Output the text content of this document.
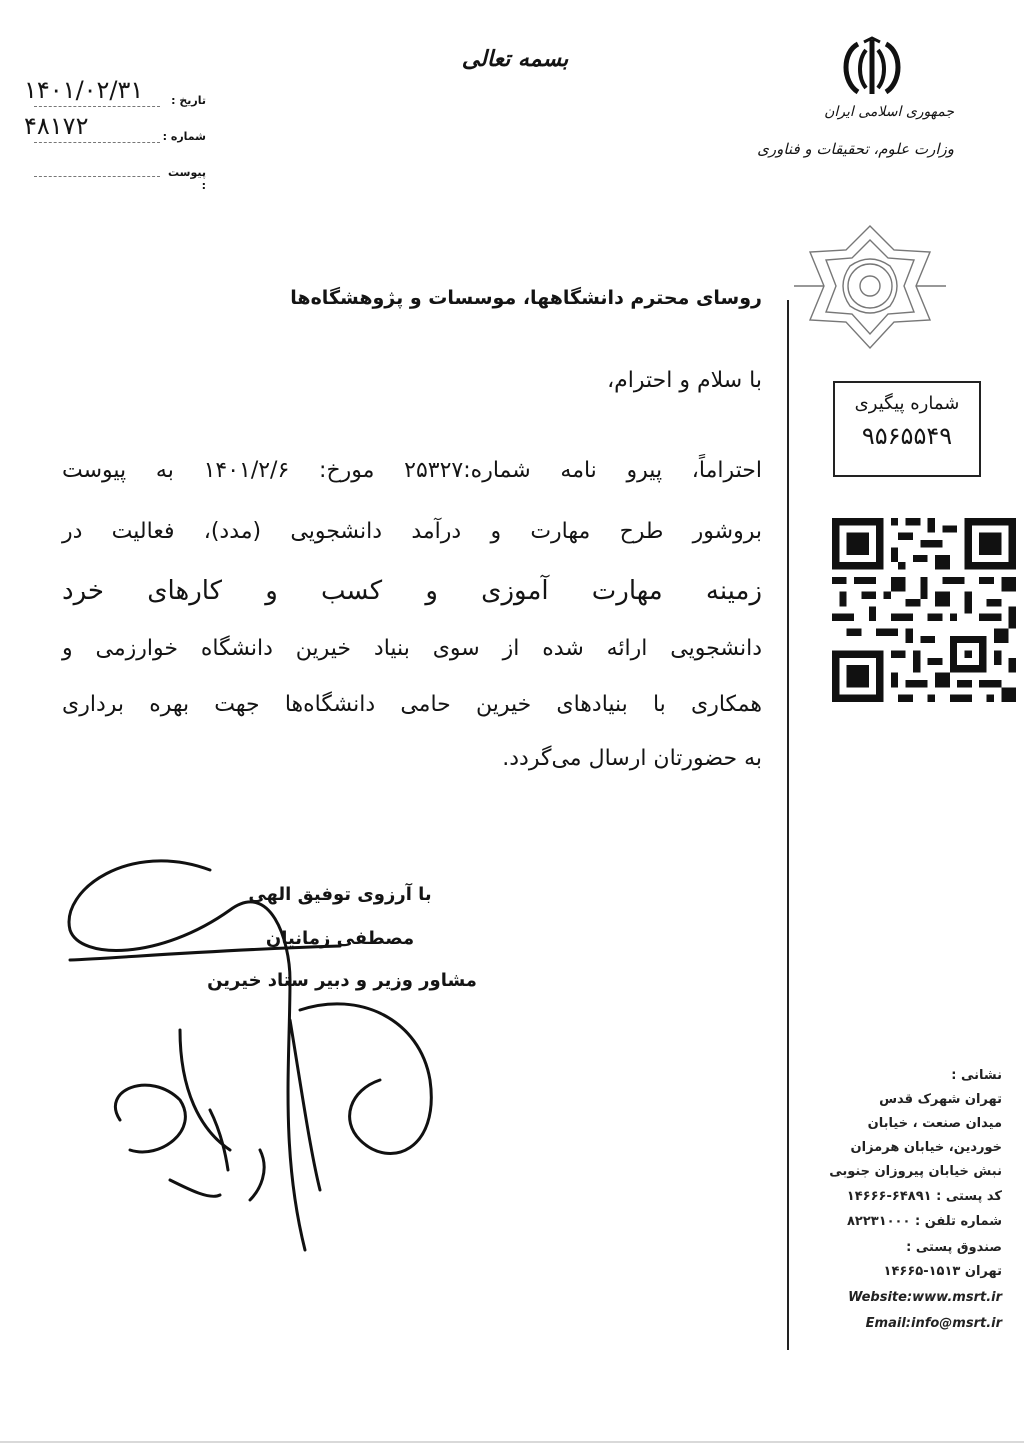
بسمه تعالی
جمهوری اسلامی ایران
وزارت علوم، تحقیقات و فناوری
تاریخ :
۱۴۰۱/۰۲/۳۱
شماره :
۴۸۱۷۲
پیوست :
شماره پیگیری
۹۵۶۵۵۴۹
نشانی :
تهران شهرک قدس
میدان صنعت ، خیابان
خوردین، خیابان هرمزان
نبش خیابان پیروزان جنوبی
کد پستی : ۶۴۸۹۱-۱۴۶۶۶
شماره تلفن : ۸۲۲۳۱۰۰۰
صندوق پستی :
تهران ۱۵۱۳-۱۴۶۶۵
Website:www.msrt.ir
Email:info@msrt.ir
روسای محترم دانشگاهها، موسسات و پژوهشگاه‌ها
با سلام و احترام،
احتراماً، پیرو نامه شماره:۲۵۳۲۷ مورخ: ۱۴۰۱/۲/۶ به پیوست
بروشور طرح مهارت و درآمد دانشجویی (مدد)، فعالیت در
زمینه مهارت آموزی و کسب و کارهای خرد
دانشجویی ارائه شده از سوی بنیاد خیرین دانشگاه خوارزمی و
همکاری با بنیادهای خیرین حامی دانشگاه‌ها جهت بهره برداری
به حضورتان ارسال می‌گردد.
با آرزوی توفیق الهی
مصطفی زمانیان
مشاور وزیر و دبیر ستاد خیرین
